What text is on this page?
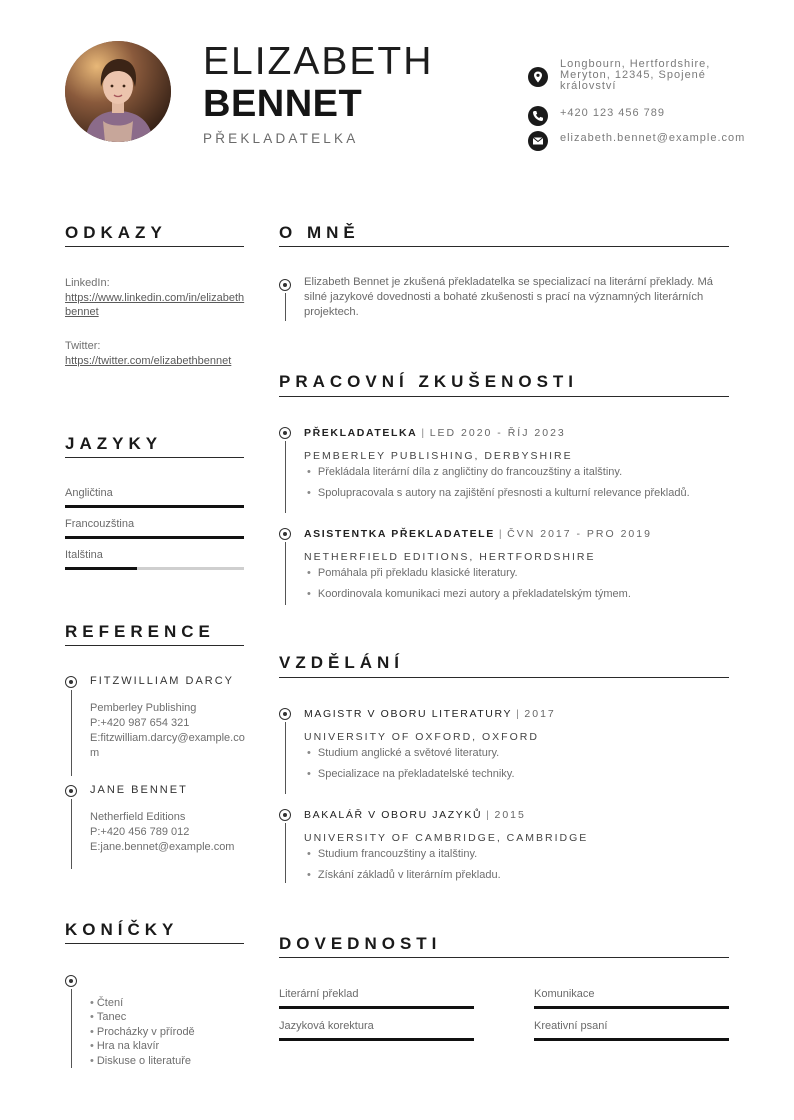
ELIZABETH
BENNET
PŘEKLADATELKA
Longbourn, Hertfordshire, Meryton, 12345, Spojené království
+420 123 456 789
elizabeth.bennet@example.com
ODKAZY
LinkedIn:
https://www.linkedin.com/in/elizabethbennet
Twitter:
https://twitter.com/elizabethbennet
JAZYKY
Angličtina
Francouzština
Italština
REFERENCE
FITZWILLIAM DARCY
Pemberley Publishing
P:+420 987 654 321
E:fitzwilliam.darcy@example.com
JANE BENNET
Netherfield Editions
P:+420 456 789 012
E:jane.bennet@example.com
KONÍČKY
• Čtení
• Tanec
• Procházky v přírodě
• Hra na klavír
• Diskuse o literatuře
O MNĚ
Elizabeth Bennet je zkušená překladatelka se specializací na literární překlady. Má silné jazykové dovednosti a bohaté zkušenosti s prací na významných literárních projektech.
PRACOVNÍ ZKUŠENOSTI
PŘEKLADATELKA | LED 2020 - ŘÍJ 2023
PEMBERLEY PUBLISHING, DERBYSHIRE
• Překládala literární díla z angličtiny do francouzštiny a italštiny.
• Spolupracovala s autory na zajištění přesnosti a kulturní relevance překladů.
ASISTENTKA PŘEKLADATELE | ČVN 2017 - PRO 2019
NETHERFIELD EDITIONS, HERTFORDSHIRE
• Pomáhala při překladu klasické literatury.
• Koordinovala komunikaci mezi autory a překladatelským týmem.
VZDĚLÁNÍ
MAGISTR V OBORU LITERATURY | 2017
UNIVERSITY OF OXFORD, OXFORD
• Studium anglické a světové literatury.
• Specializace na překladatelské techniky.
BAKALÁŘ V OBORU JAZYKŮ | 2015
UNIVERSITY OF CAMBRIDGE, CAMBRIDGE
• Studium francouzštiny a italštiny.
• Získání základů v literárním překladu.
DOVEDNOSTI
Literární překlad	Komunikace
Jazyková korektura	Kreativní psaní
